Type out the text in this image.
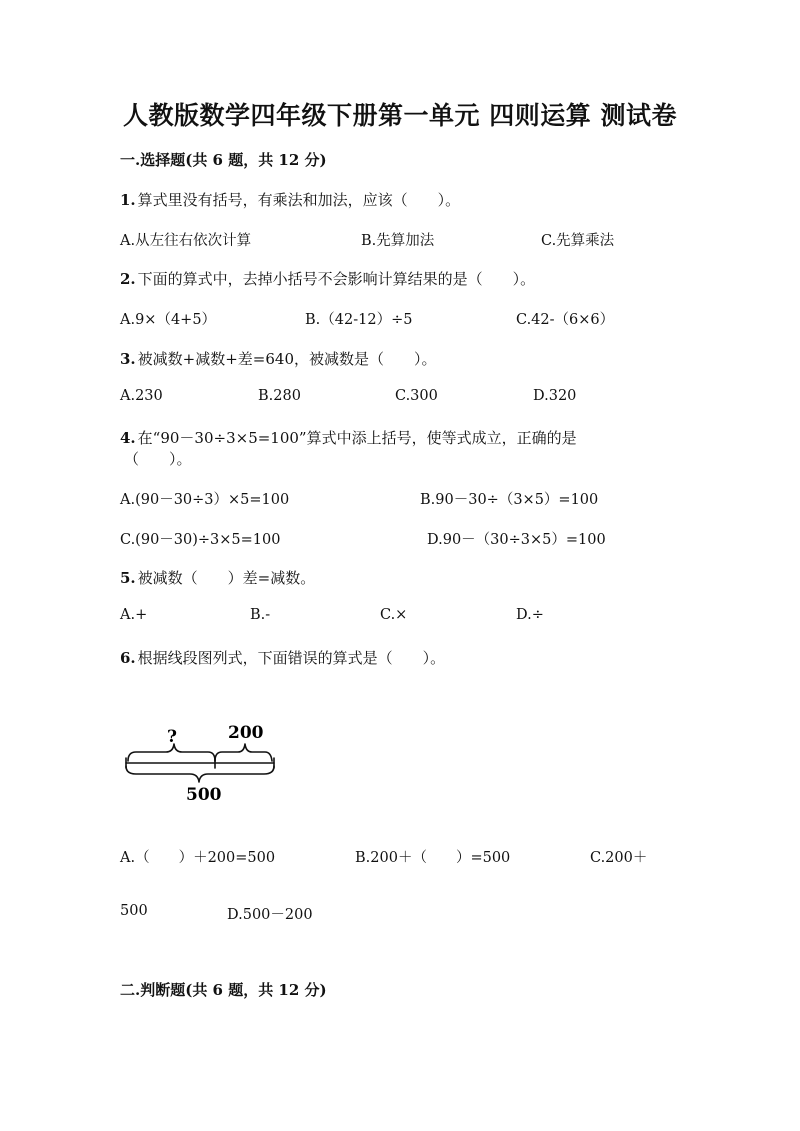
人教版数学四年级下册第一单元 四则运算 测试卷
一.选择题(共 6 题，共 12 分)
1. 算式里没有括号，有乘法和加法，应该（　　）。
A.从左往右依次计算	B.先算加法	C.先算乘法
2. 下面的算式中，去掉小括号不会影响计算结果的是（　　）。
A.9×（4+5）	B.（42-12）÷5	C.42-（6×6）
3. 被减数+减数+差=640，被减数是（　　）。
A.230	B.280	C.300	D.320
4. 在“90－30÷3×5=100”算式中添上括号，使等式成立，正确的是
（　　）。
A.(90－30÷3）×5=100	B.90－30÷（3×5）=100
C.(90－30)÷3×5=100	D.90－（30÷3×5）=100
5. 被减数（　　）差=减数。
A.+	B.-	C.×	D.÷
6. 根据线段图列式，下面错误的算式是（　　）。
?	200
500
A.（　　）＋200=500	B.200＋（　　）=500	C.200＋
500	D.500－200
二.判断题(共 6 题，共 12 分)
